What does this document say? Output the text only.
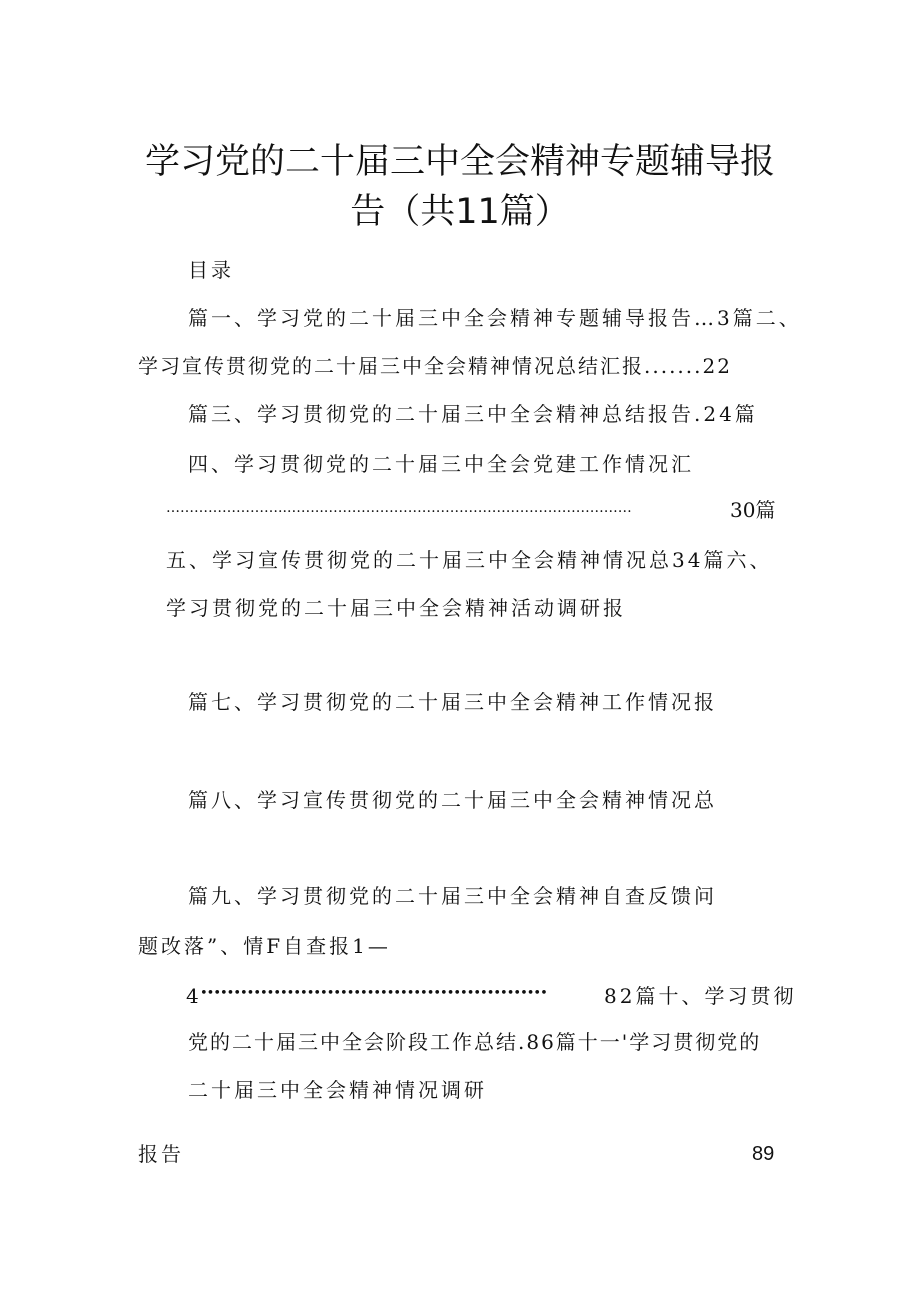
学习党的二十届三中全会精神专题辅导报
告（共11篇）
目录
篇一、学习党的二十届三中全会精神专题辅导报告…3篇二、
学习宣传贯彻党的二十届三中全会精神情况总结汇报.......22
篇三、学习贯彻党的二十届三中全会精神总结报告.24篇
四、学习贯彻党的二十届三中全会党建工作情况汇
……………………..……..…………………………………………………………	30篇
五、学习宣传贯彻党的二十届三中全会精神情况总34篇六、
学习贯彻党的二十届三中全会精神活动调研报
篇七、学习贯彻党的二十届三中全会精神工作情况报
篇八、学习宣传贯彻党的二十届三中全会精神情况总
篇九、学习贯彻党的二十届三中全会精神自查反馈问
题改落”、情F自查报1—
4 ••••••••••••••••••••••••••••••••••••••••••••••••••••	82篇十、学习贯彻
党的二十届三中全会阶段工作总结.86篇十一'学习贯彻党的
二十届三中全会精神情况调研
报告	89
